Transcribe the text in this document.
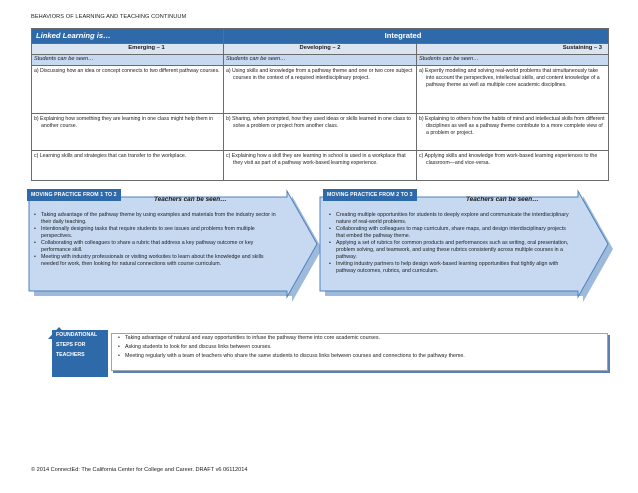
BEHAVIORS OF LEARNING AND TEACHING CONTINUUM
Linked Learning is…	Integrated	

Emerging – 1	Developing – 2	Sustaining – 3

Students can be seen…	Students can be seen…	Students can be seen…

a) Discussing how an idea or concept connects to two different pathway courses.	a) Using skills and knowledge from a pathway theme and one or two core subject courses in the context of a required interdisciplinary project.	a) Expertly modeling and solving real-world problems that simultaneously take into account the perspectives, intellectual skills, and content knowledge of a pathway theme as well as multiple core academic disciplines.

b) Explaining how something they are learning in one class might help them in another course.	b) Sharing, when prompted, how they used ideas or skills learned in one class to solve a problem or project from another class.	b) Explaining to others how the habits of mind and intellectual skills from different disciplines as well as a pathway theme contribute to a more complete view of a problem or project.

c) Learning skills and strategies that can transfer to the workplace.	c) Explaining how a skill they are learning in school is used in a workplace that they visit as part of a pathway work-based learning experience.	c) Applying skills and knowledge from work-based learning experiences to the classroom—and vice-versa.
MOVING PRACTICE FROM 1 TO 2
Teachers can be seen…
• Taking advantage of the pathway theme by using examples and materials from the industry sector in their daily teaching.
• Intentionally designing tasks that require students to see issues and problems from multiple perspectives.
• Collaborating with colleagues to share a rubric that address a key pathway outcome or key performance skill.
• Meeting with industry professionals or visiting worksites to learn about the knowledge and skills needed for work, then looking for natural connections with course curriculum.
MOVING PRACTICE FROM 2 TO 3
Teachers can be seen…
• Creating multiple opportunities for students to deeply explore and communicate the interdisciplinary nature of real-world problems.
• Collaborating with colleagues to map curriculum, share maps, and design interdisciplinary projects that embed the pathway theme.
• Applying a set of rubrics for common products and performances such as writing, oral presentation, problem solving, and teamwork, and using these rubrics consistently across multiple courses in a pathway.
• Inviting industry partners to help design work-based learning opportunities that tightly align with pathway outcomes, rubrics, and curriculum.
FOUNDATIONAL
STEPS FOR
TEACHERS
• Taking advantage of natural and easy opportunities to infuse the pathway theme into core academic courses.
• Asking students to look for and discuss links between courses.
• Meeting regularly with a team of teachers who share the same students to discuss links between courses and connections to the pathway theme.
© 2014 ConnectEd: The California Center for College and Career. DRAFT v6 06112014
